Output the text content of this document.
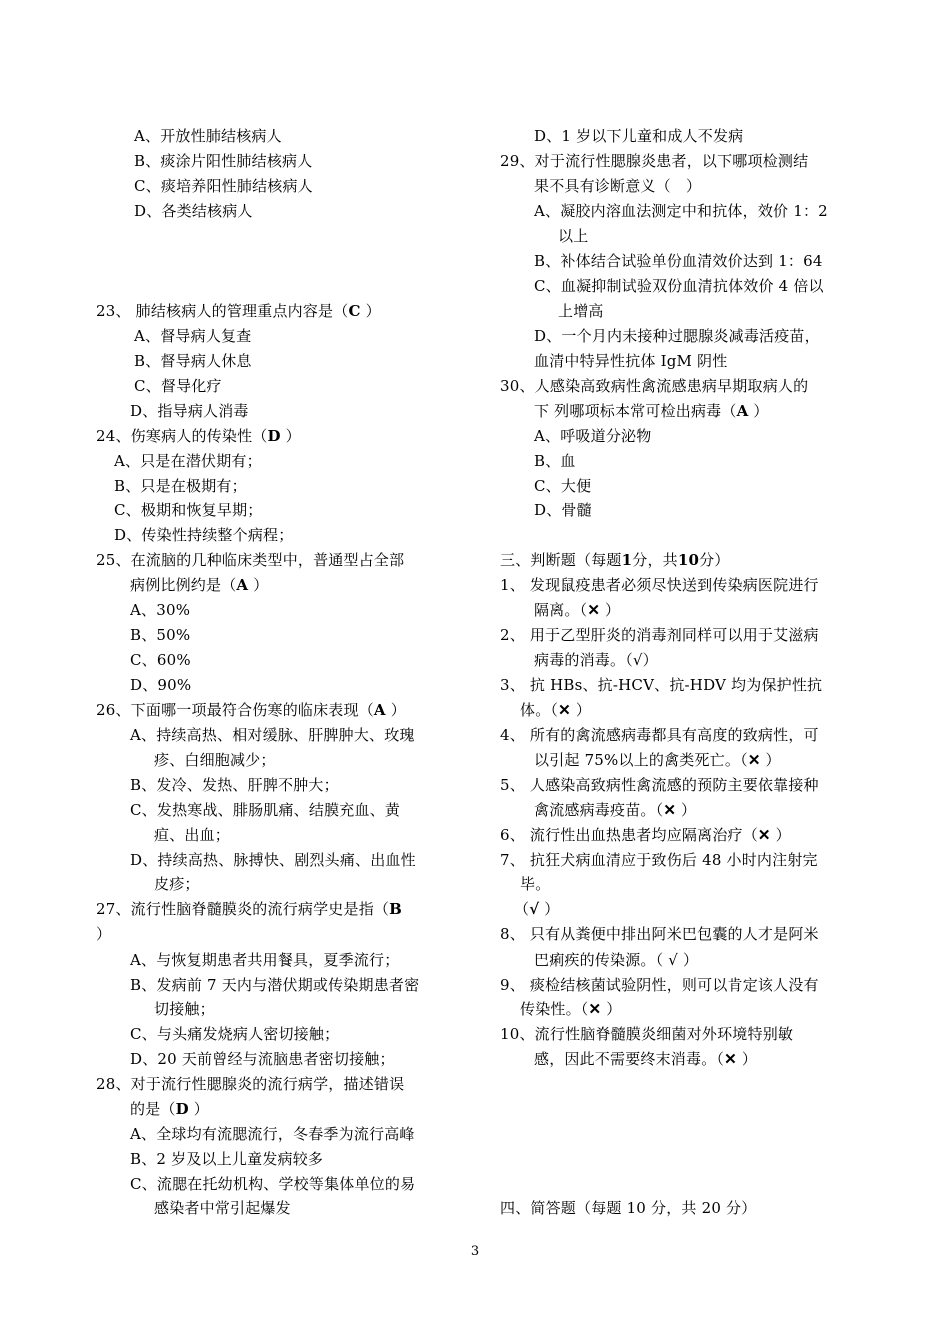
A、开放性肺结核病人
B、痰涂片阳性肺结核病人
C、痰培养阳性肺结核病人
D、各类结核病人
23、 肺结核病人的管理重点内容是（C ）
A、督导病人复查
B、督导病人休息
C、督导化疗
D、指导病人消毒
24、伤寒病人的传染性（D ）
A、只是在潜伏期有；
B、只是在极期有；
C、极期和恢复早期；
D、传染性持续整个病程；
25、在流脑的几种临床类型中，普通型占全部
病例比例约是（A ）
A、30%
B、50%
C、60%
D、90%
26、下面哪一项最符合伤寒的临床表现（A ）
A、持续高热、相对缓脉、肝脾肿大、玫瑰
疹、白细胞减少；
B、发冷、发热、肝脾不肿大；
C、发热寒战、腓肠肌痛、结膜充血、黄
疸、出血；
D、持续高热、脉搏快、剧烈头痛、出血性
皮疹；
27、流行性脑脊髓膜炎的流行病学史是指（B
）
A、与恢复期患者共用餐具，夏季流行；
B、发病前 7 天内与潜伏期或传染期患者密
切接触；
C、与头痛发烧病人密切接触；
D、20 天前曾经与流脑患者密切接触；
28、对于流行性腮腺炎的流行病学，描述错误
的是（D ）
A、全球均有流腮流行，冬春季为流行高峰
B、2 岁及以上儿童发病较多
C、流腮在托幼机构、学校等集体单位的易
感染者中常引起爆发
D、1 岁以下儿童和成人不发病
29、对于流行性腮腺炎患者，以下哪项检测结
果不具有诊断意义（　）
A、凝胶内溶血法测定中和抗体，效价 1：2
以上
B、补体结合试验单份血清效价达到 1：64
C、血凝抑制试验双份血清抗体效价 4 倍以
上增高
D、一个月内未接种过腮腺炎减毒活疫苗，
血清中特异性抗体 IgM 阴性
30、人感染高致病性禽流感患病早期取病人的
下 列哪项标本常可检出病毒（A ）
A、呼吸道分泌物
B、血
C、大便
D、骨髓
三、判断题（每题1分，共10分）
1、 发现鼠疫患者必须尽快送到传染病医院进行
隔离。（✕ ）
2、 用于乙型肝炎的消毒剂同样可以用于艾滋病
病毒的消毒。（√）
3、 抗 HBs、抗-HCV、抗-HDV 均为保护性抗
体。（✕ ）
4、 所有的禽流感病毒都具有高度的致病性，可
以引起 75%以上的禽类死亡。（✕ ）
5、 人感染高致病性禽流感的预防主要依靠接种
禽流感病毒疫苗。（✕ ）
6、 流行性出血热患者均应隔离治疗（✕ ）
7、 抗狂犬病血清应于致伤后 48 小时内注射完
毕。
（√ ）
8、 只有从粪便中排出阿米巴包囊的人才是阿米
巴痢疾的传染源。（ √ ）
9、 痰检结核菌试验阴性，则可以肯定该人没有
传染性。（✕ ）
10、流行性脑脊髓膜炎细菌对外环境特别敏
感，因此不需要终末消毒。（✕ ）
四、简答题（每题 10 分，共 20 分）
3
